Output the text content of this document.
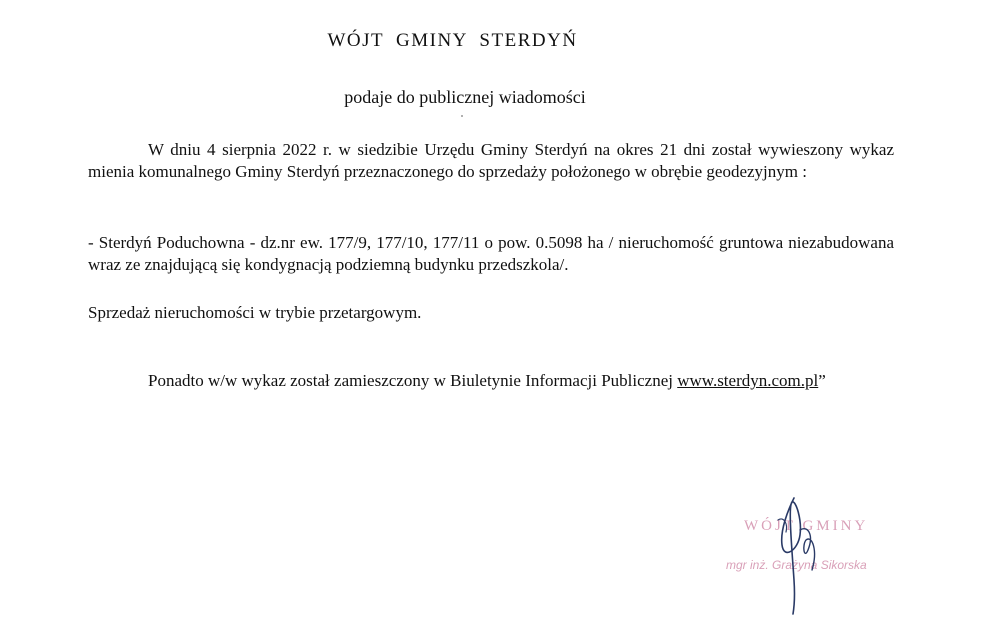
WÓJT GMINY STERDYŃ
podaje do publicznej wiadomości

W dniu 4 sierpnia 2022 r. w siedzibie Urzędu Gminy Sterdyń na okres 21 dni został wywieszony wykaz mienia komunalnego Gminy Sterdyń przeznaczonego do sprzedaży położonego w obrębie geodezyjnym :

- Sterdyń Poduchowna - dz.nr ew. 177/9, 177/10, 177/11 o pow. 0.5098 ha / nieruchomość gruntowa niezabudowana wraz ze znajdującą się kondygnacją podziemną budynku przedszkola/.

Sprzedaż nieruchomości w trybie przetargowym.

Ponadto w/w wykaz został zamieszczony w Biuletynie Informacji Publicznej www.sterdyn.com.pl”

WÓJT GMINY
mgr inż. Grażyna Sikorska
